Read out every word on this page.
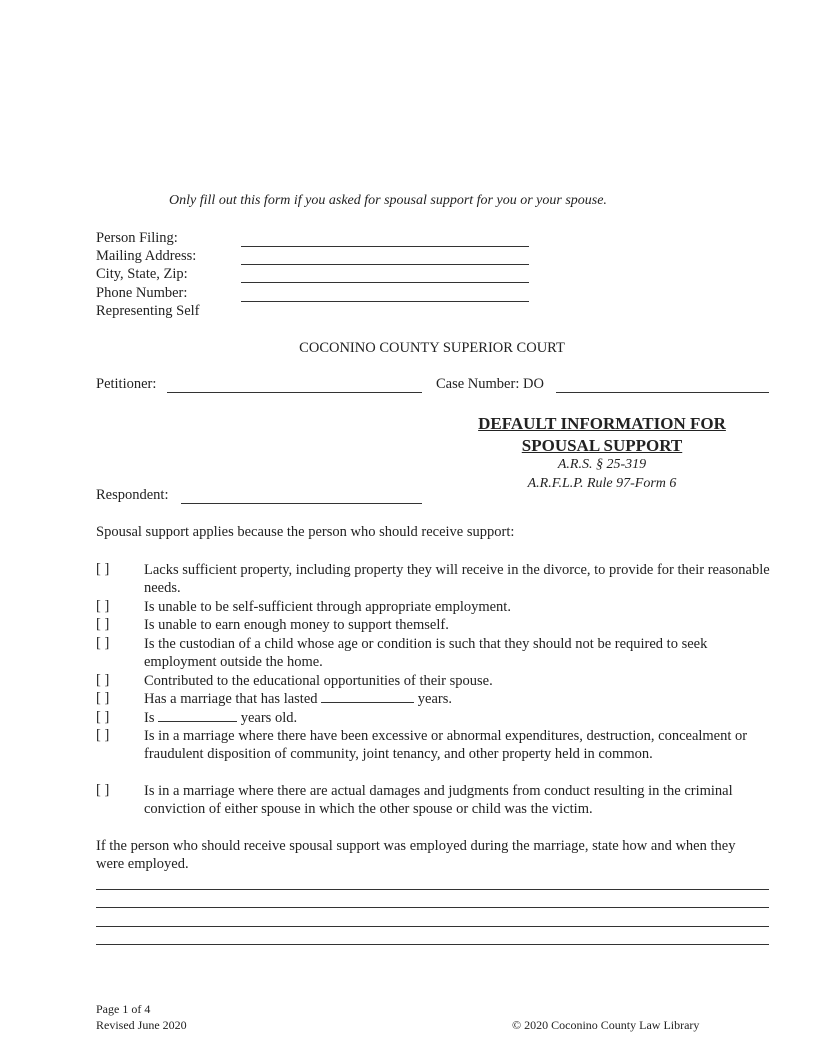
Only fill out this form if you asked for spousal support for you or your spouse.
Person Filing:
Mailing Address:
City, State, Zip:
Phone Number:
Representing Self
COCONINO COUNTY SUPERIOR COURT
Petitioner:	Case Number: DO
DEFAULT INFORMATION FOR
SPOUSAL SUPPORT
A.R.S. § 25-319
A.R.F.L.P. Rule 97-Form 6
Respondent:
Spousal support applies because the person who should receive support:
[ ] Lacks sufficient property, including property they will receive in the divorce, to provide for their reasonable needs.
[ ] Is unable to be self-sufficient through appropriate employment.
[ ] Is unable to earn enough money to support themself.
[ ] Is the custodian of a child whose age or condition is such that they should not be required to seek employment outside the home.
[ ] Contributed to the educational opportunities of their spouse.
[ ] Has a marriage that has lasted	years.
[ ] Is	years old.
[ ] Is in a marriage where there have been excessive or abnormal expenditures, destruction, concealment or fraudulent disposition of community, joint tenancy, and other property held in common.
[ ] Is in a marriage where there are actual damages and judgments from conduct resulting in the criminal conviction of either spouse in which the other spouse or child was the victim.
If the person who should receive spousal support was employed during the marriage, state how and when they were employed.
Page 1 of 4
Revised June 2020	© 2020 Coconino County Law Library
